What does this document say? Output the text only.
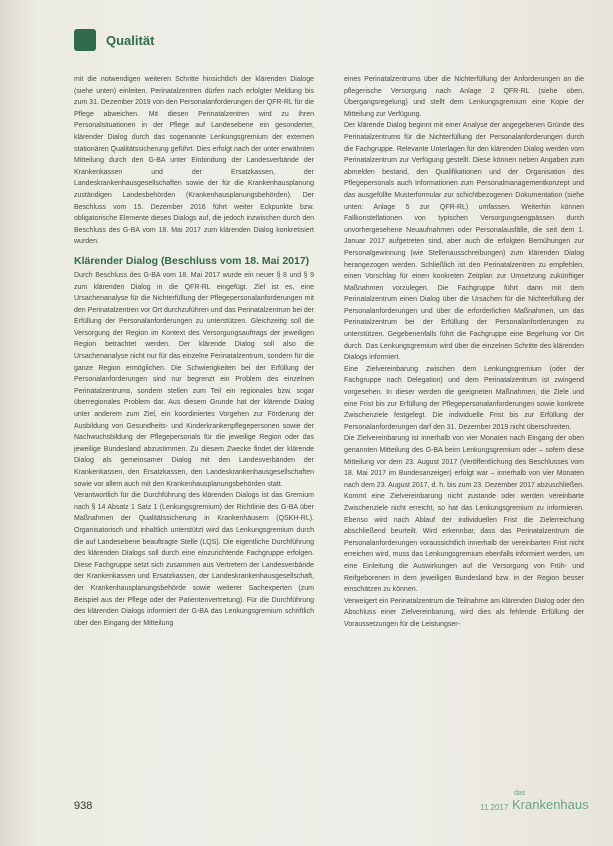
Qualität

mit die notwendigen weiteren Schritte hinsichtlich der klärenden Dialoge (siehe unten) einleiten. Perinatalzentren dürfen nach erfolgter Meldung bis zum 31. Dezember 2019 von den Personalanforderungen der QFR-RL für die Pflege abweichen. Mit diesen Perinatalzentren wird zu ihren Personalsituationen in der Pflege auf Landesebene ein gesonderter, klärender Dialog durch das sogenannte Lenkungsgremium der externen stationären Qualitätssicherung geführt. Dies erfolgt nach der unter erwähnten Mitteilung durch den G-BA unter Einbindung der Landesverbände der Krankenkassen und der Ersatzkassen, der Landeskrankenhausgesellschaften sowie der für die Krankenhausplanung zuständigen Landesbehörden (Krankenhausplanungsbehörden). Der Beschluss vom 15. Dezember 2016 führt weiter Eckpunkte bzw. obligatorische Elemente dieses Dialogs auf, die jedoch inzwischen durch den Beschluss des G-BA vom 18. Mai 2017 zum klärenden Dialog konkretisiert wurden.

Klärender Dialog (Beschluss vom 18. Mai 2017)

Durch Beschluss des G-BA vom 18. Mai 2017 wurde ein neuer § 8 und § 9 zum klärenden Dialog in die QFR-RL eingefügt. Ziel ist es, eine Ursachenanalyse für die Nichterfüllung der Pflegepersonalanforderungen mit den Perinatalzentren vor Ort durchzuführen und das Perinatalzentrum bei der Erfüllung der Personalanforderungen zu unterstützen. Gleichzeitig soll die Versorgung der Region im Kontext des Versorgungsauftrags der jeweiligen Region betrachtet werden. Der klärende Dialog soll also die Ursachenanalyse nicht nur für das einzelne Perinatalzentrum, sondern für die ganze Region ermöglichen. Die Schwierigkeiten bei der Erfüllung der Personalanforderungen sind nur begrenzt ein Problem des einzelnen Perinatalzentrums, sondern stellen zum Teil ein regionales bzw. sogar überregionales Problem dar. Aus diesem Grunde hat der klärende Dialog unter anderem zum Ziel, ein koordiniertes Vorgehen zur Förderung der Ausbildung von Gesundheits- und Kinderkrankenpflegepersonen sowie der Nachwuchsbildung der Pflegepersonals für die jeweilige Region oder das jeweilige Bundesland abzustimmen. Zu diesem Zwecke findet der klärende Dialog als gemeinsamer Dialog mit den Landesverbänden der Krankenkassen, den Ersatzkassen, den Landeskrankenhausgesellschaften sowie vor allem auch mit den Krankenhausplanungsbehörden statt.

Verantwortlich für die Durchführung des klärenden Dialogs ist das Gremium nach § 14 Absatz 1 Satz 1 (Lenkungsgremium) der Richtlinie des G-BA über Maßnahmen der Qualitätssicherung in Krankenhäusern (QSKH-RL). Organisatorisch und inhaltlich unterstützt wird das Lenkungsgremium durch die auf Landesebene beauftragte Stelle (LQS). Die eigentliche Durchführung des klärenden Dialogs soll durch eine einzurichtende Fachgruppe erfolgen. Diese Fachgruppe setzt sich zusammen aus Vertretern der Landesverbände der Krankenkassen und Ersatzkassen, der Landeskrankenhausgesellschaft, der Krankenhausplanungsbehörde sowie weiterer Sachexperten (zum Beispiel aus der Pflege oder der Patientenvertretung). Für die Durchführung des klärenden Dialogs informiert der G-BA das Lenkungsgremium schriftlich über den Eingang der Mitteilung

eines Perinatalzentrums über die Nichterfüllung der Anforderungen an die pflegerische Versorgung nach Anlage 2 QFR-RL (siehe oben, Übergangsregelung) und stellt dem Lenkungsgremium eine Kopie der Mitteilung zur Verfügung.

Der klärende Dialog beginnt mit einer Analyse der angegebenen Gründe des Perinatalzentrums für die Nichterfüllung der Personalanforderungen durch die Fachgruppe. Relevante Unterlagen für den klärenden Dialog werden vom Perinatalzentrum zur Verfügung gestellt. Diese können neben Angaben zum abmelden bestand, den Qualifikationen und der Organisation des Pflegepersonals auch Informationen zum Personalmanagementkonzept und das ausgefüllte Musterformular zur schichtbezogenen Dokumentation (siehe unten: Anlage 5 zur QFR-RL) umfassen. Weiterhin können Fallkonstellationen von typischen Versorgungsengpässen durch unvorhergesehene Neuaufnahmen oder Personalausfälle, die seit dem 1. Januar 2017 aufgetreten sind, aber auch die erfolgten Bemühungen zur Personalgewinnung (wie Stellenausschreibungen) zum klärenden Dialog herangezogen werden. Schließlich ist den Perinatalzentren zu empfehlen, einen Vorschlag für einen konkreten Zeitplan zur Umsetzung zukünftiger Maßnahmen vorzulegen. Die Fachgruppe führt dann mit dem Perinatalzentrum einen Dialog über die Ursachen für die Nichterfüllung der Personalanforderungen und über die erforderlichen Maßnahmen, um das Perinatalzentrum bei der Erfüllung der Personalanforderungen zu unterstützen. Gegebenenfalls führt die Fachgruppe eine Begehung vor Ort durch. Das Lenkungsgremium wird über die einzelnen Schritte des klärenden Dialogs informiert.

Eine Zielvereinbarung zwischen dem Lenkungsgremium (oder der Fachgruppe nach Delegation) und dem Perinatalzentrum ist zwingend vorgesehen. In dieser werden die geeigneten Maßnahmen, die Ziele und eine Frist bis zur Erfüllung der Pflegepersonalanforderungen sowie konkrete Zwischenziele festgelegt. Die individuelle Frist bis zur Erfüllung der Personalanforderungen darf den 31. Dezember 2019 nicht überschreiten.

Die Zielvereinbarung ist innerhalb von vier Monaten nach Eingang der oben genannten Mitteilung des G-BA beim Lenkungsgremium oder – sofern diese Mitteilung vor dem 23. August 2017 (Veröffentlichung des Beschlusses vom 18. Mai 2017 im Bundesanzeiger) erfolgt war – innerhalb von vier Monaten nach dem 23. August 2017, d. h. bis zum 23. Dezember 2017 abzuschließen. Kommt eine Zielvereinbarung nicht zustande oder werden vereinbarte Zwischenziele nicht erreicht, so hat das Lenkungsgremium zu informieren. Ebenso wird nach Ablauf der individuellen Frist die Zielerreichung abschließend beurteilt. Wird erkennbar, dass das Perinatalzentrum die Personalanforderungen voraussichtlich innerhalb der vereinbarten Frist nicht erreichen wird, muss das Lenkungsgremium ebenfalls informiert werden, um eine Einleitung die Auswirkungen auf die Versorgung von Früh- und Reifgeborenen in dem jeweiligen Bundesland bzw. in der Region besser einschätzen zu können.

Verweigert ein Perinatalzentrum die Teilnahme am klärenden Dialog oder den Abschluss einer Zielvereinbarung, wird dies als fehlende Erfüllung der Voraussetzungen für die Leistungser-

938	11.2017
das
Krankenhaus
